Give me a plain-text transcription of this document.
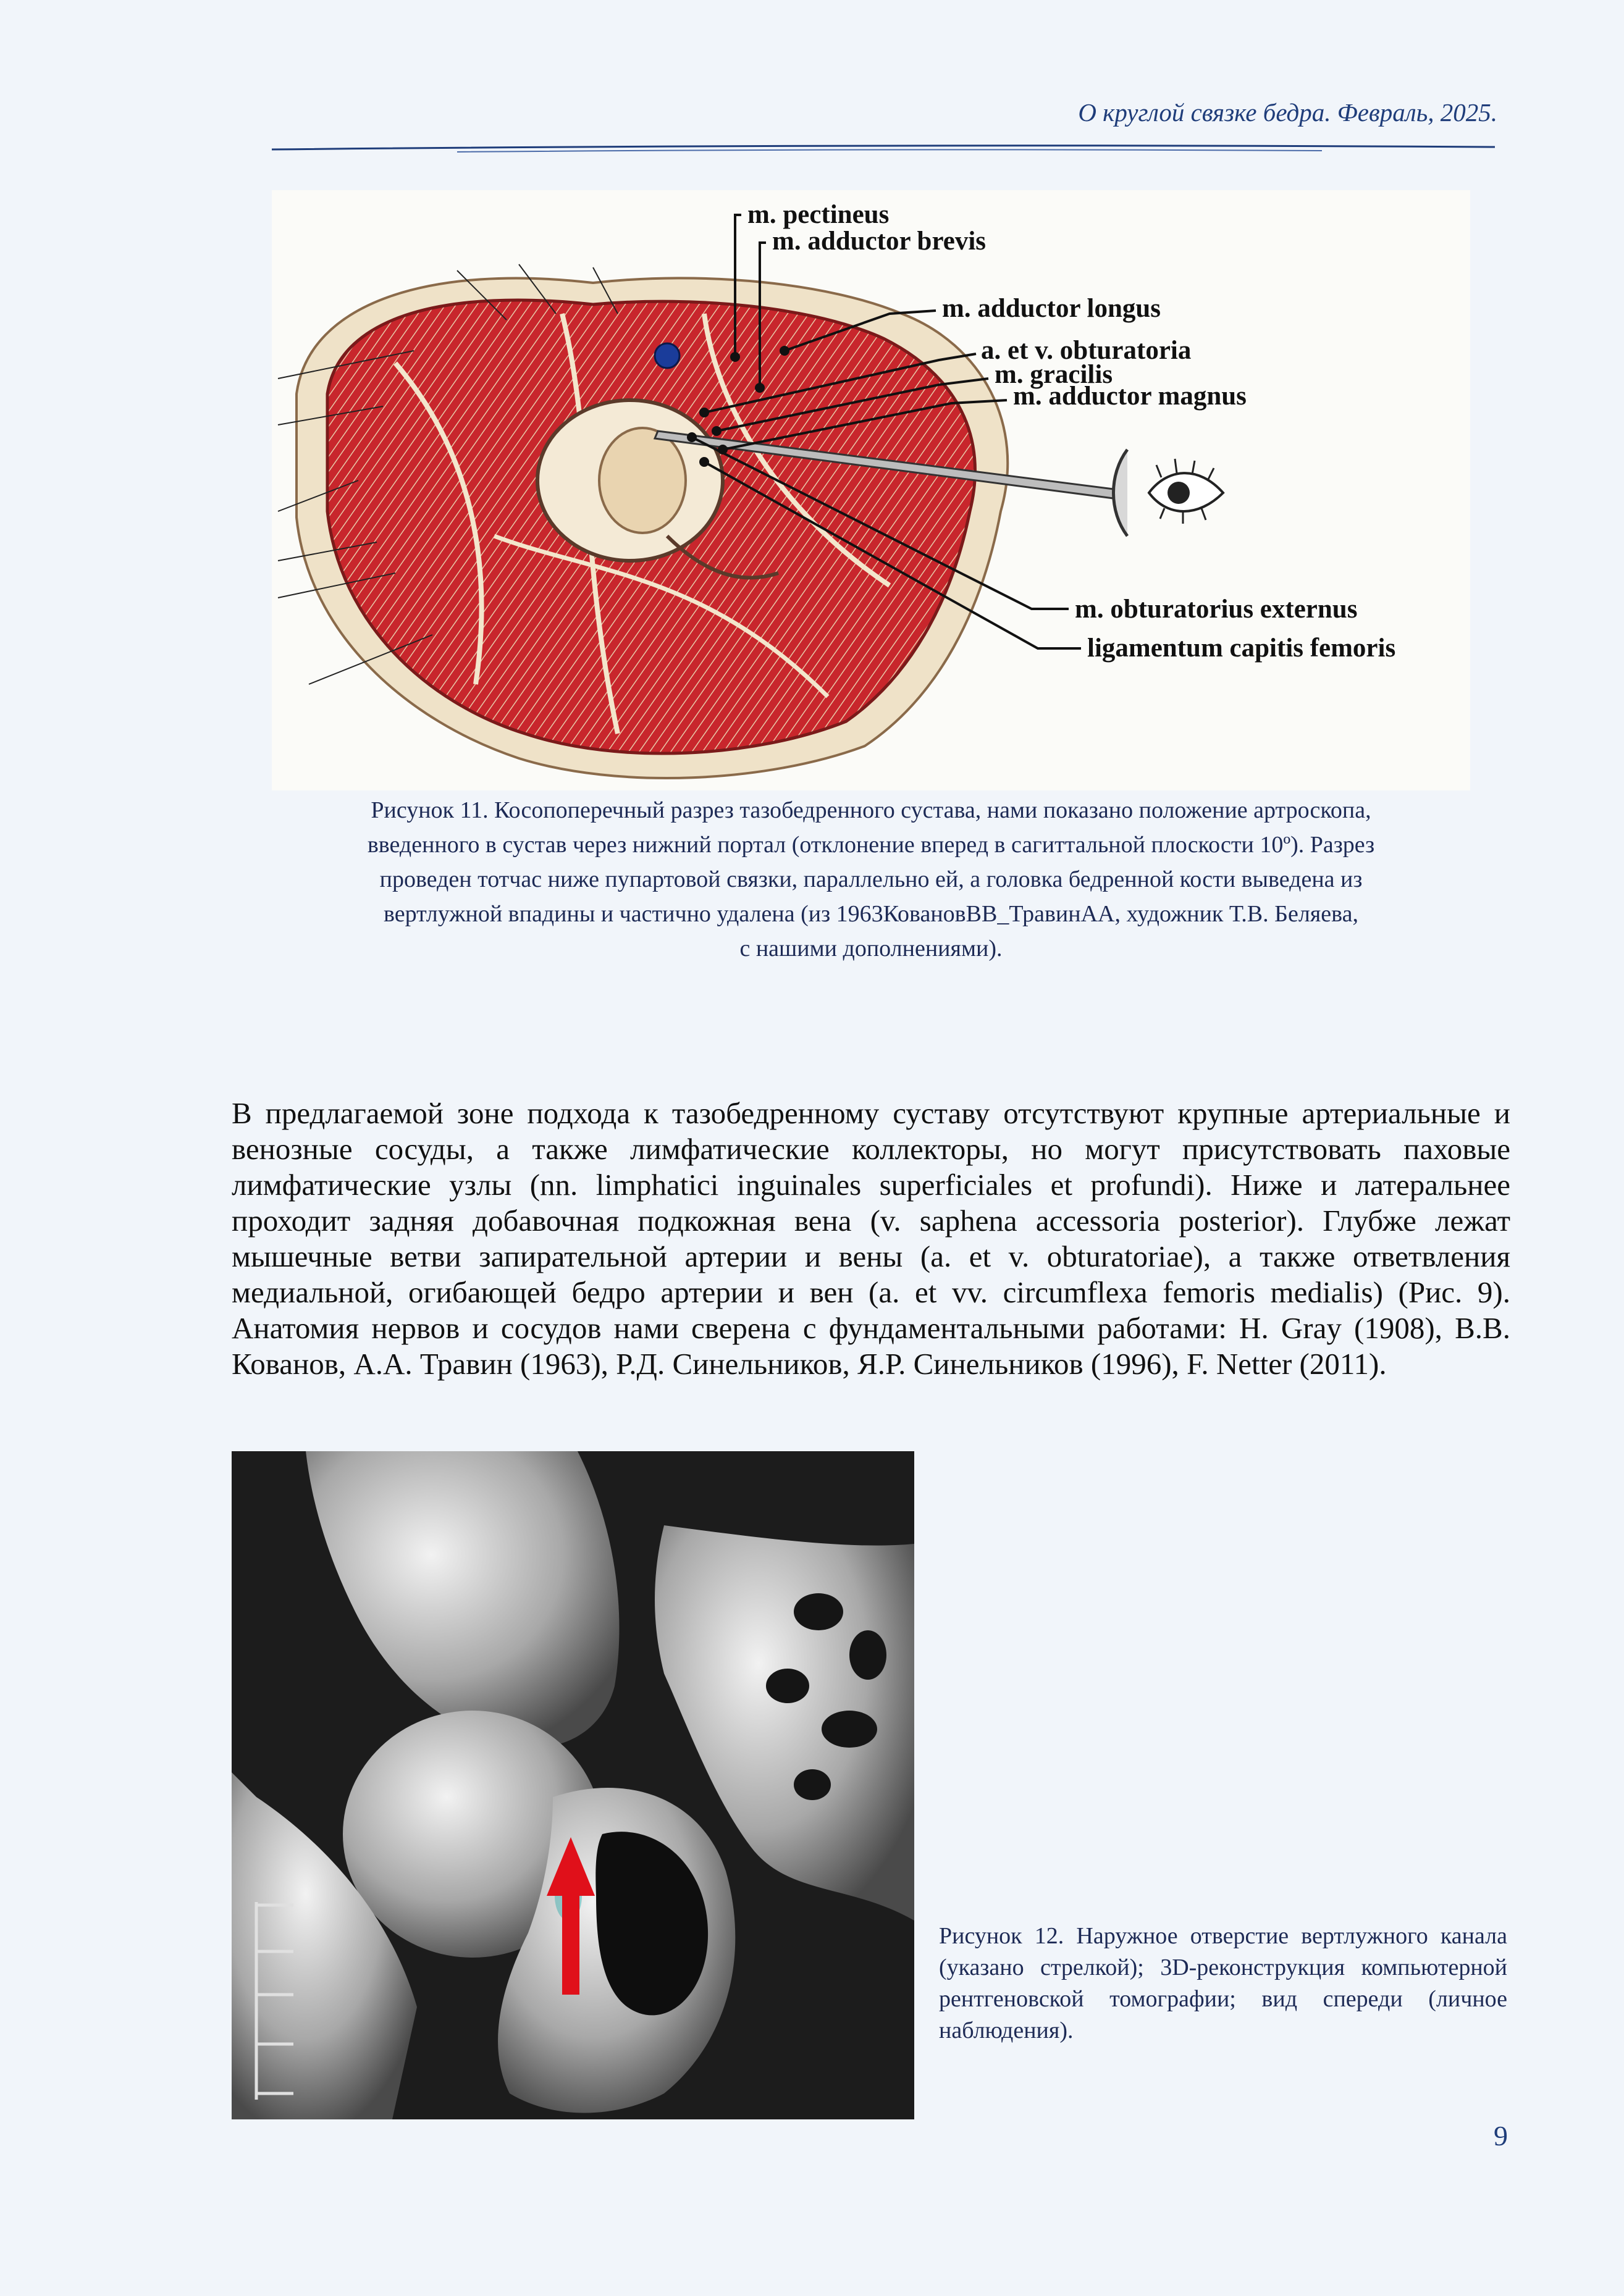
О круглой связке бедра. Февраль, 2025.
m. pectineus
m. adductor brevis
m. adductor longus
a. et v. obturatoria
m. gracilis
m. adductor magnus
m. obturatorius externus
ligamentum capitis femoris
Рисунок 11. Косопоперечный разрез тазобедренного сустава, нами показано положение артроскопа,
введенного в сустав через нижний портал (отклонение вперед в сагиттальной плоскости 10º). Разрез
проведен тотчас ниже пупартовой связки, параллельно ей, а головка бедренной кости выведена из
вертлужной впадины и частично удалена (из 1963КовановВВ_ТравинАА, художник Т.В. Беляева,
с нашими дополнениями).

В предлагаемой зоне подхода к тазобедренному суставу отсутствуют крупные артериальные и венозные сосуды, а также лимфатические коллекторы, но могут присутствовать паховые лимфатические узлы (nn. limphatici inguinales superficiales et profundi). Ниже и латеральнее проходит задняя добавочная подкожная вена (v. saphena accessoria posterior). Глубже лежат мышечные ветви запирательной артерии и вены (a. et v. obturatoriae), а также ответвления медиальной, огибающей бедро артерии и вен (a. et vv. circumflexa femoris medialis) (Рис. 9). Анатомия нервов и сосудов нами сверена с фундаментальными работами: H. Gray (1908), В.В. Кованов, А.А. Травин (1963), Р.Д. Синельников, Я.Р. Синельников (1996), F. Netter (2011).

Рисунок 12. Наружное отверстие вертлужного канала (указано стрелкой); 3D-реконструкция компьютерной рентгеновской томографии; вид спереди (личное наблюдения).

9
